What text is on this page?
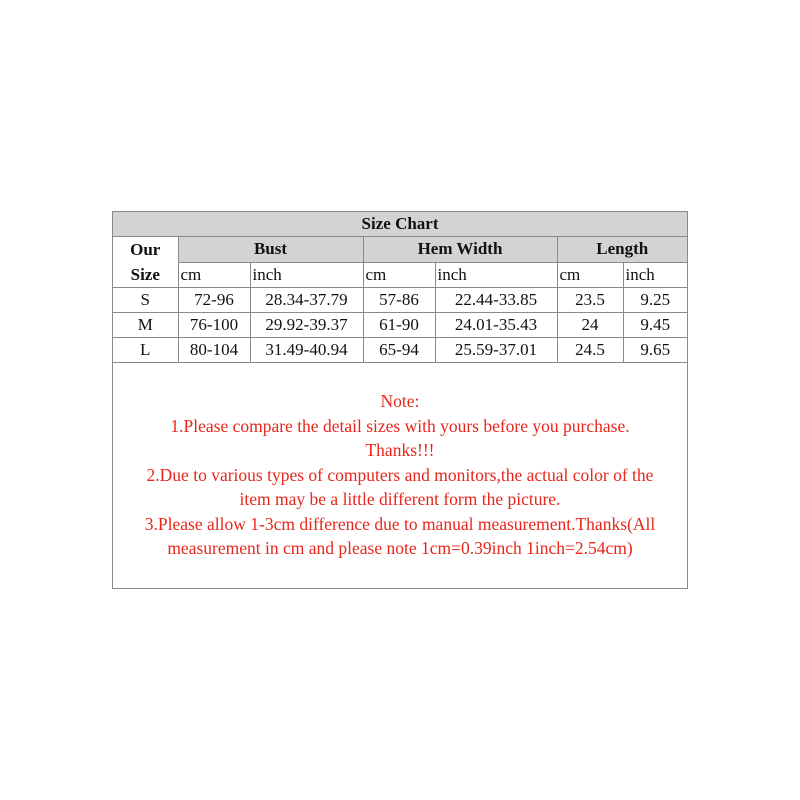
Size Chart						

Our
Size	Bust		Hem Width		Length	
	cm	inch	cm	inch	cm	inch
S	72-96	28.34-37.79	57-86	22.44-33.85	23.5	9.25
M	76-100	29.92-39.37	61-90	24.01-35.43	24	9.45
L	80-104	31.49-40.94	65-94	25.59-37.01	24.5	9.65
Note:
1.Please compare the detail sizes with yours before you purchase.
Thanks!!!
2.Due to various types of computers and monitors,the actual color of the
item may be a little different form the picture.
3.Please allow 1-3cm difference due to manual measurement.Thanks(All
measurement in cm and please note 1cm=0.39inch 1inch=2.54cm)
